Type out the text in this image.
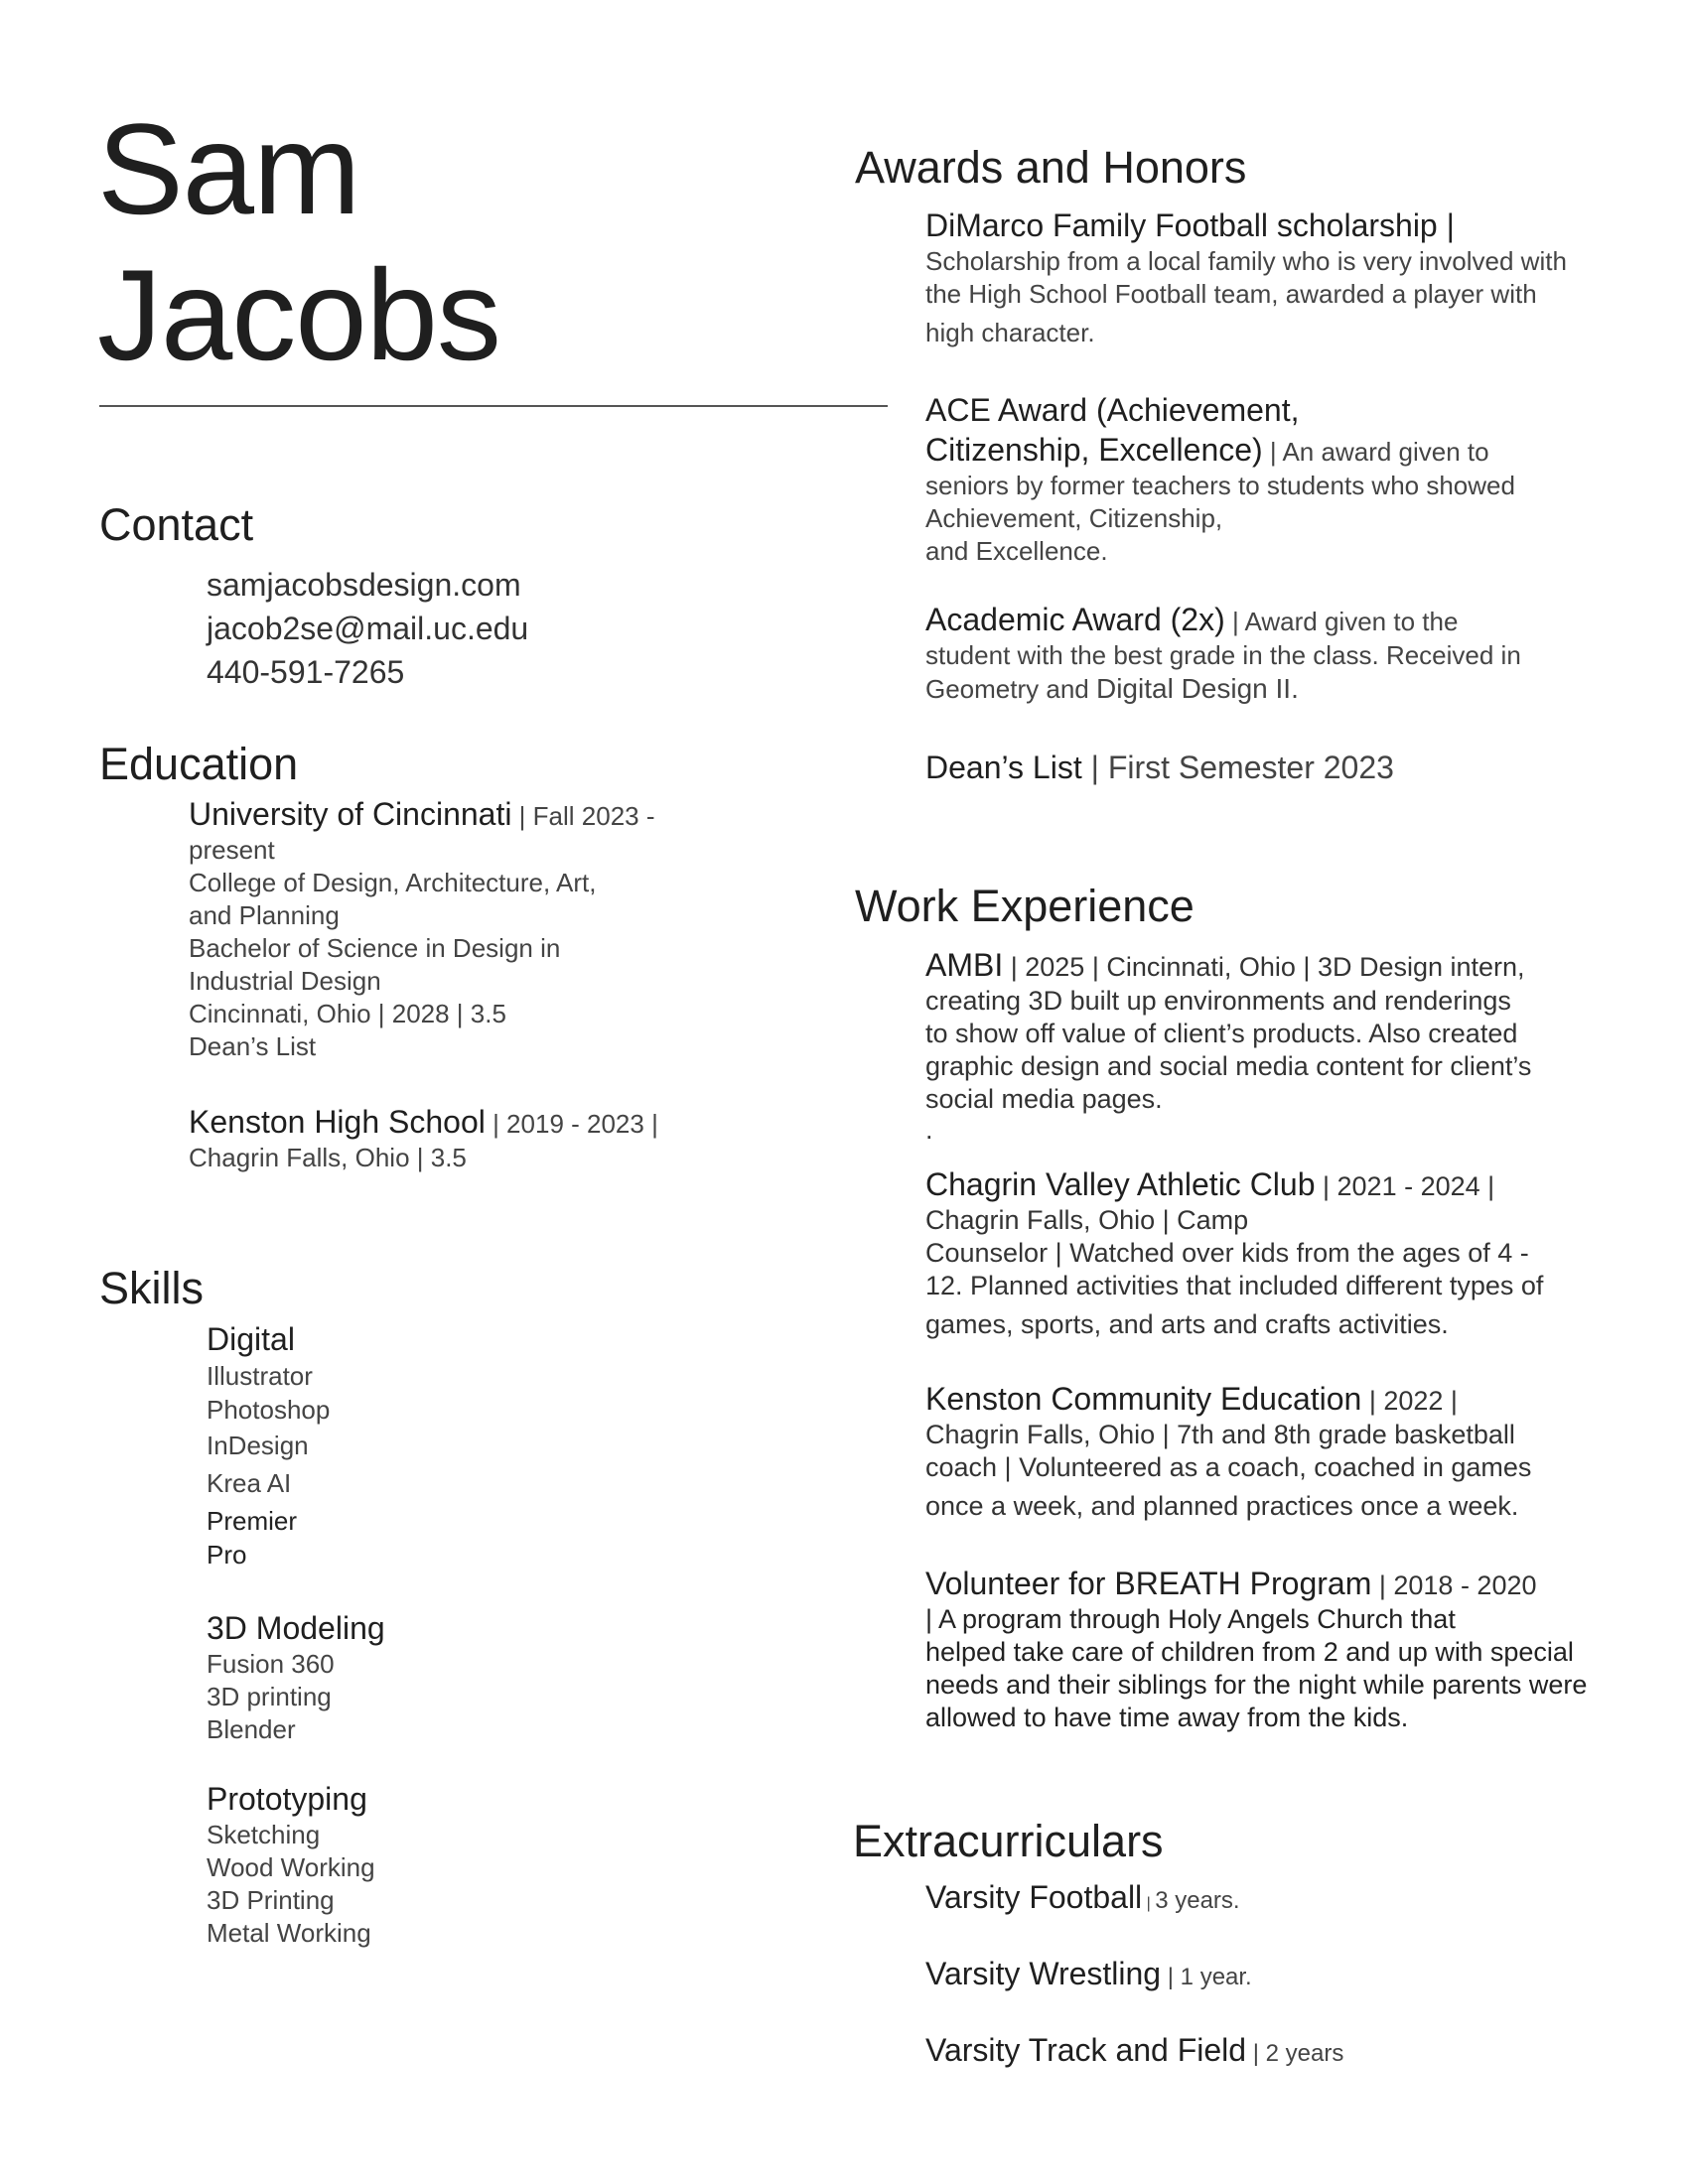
Sam
Jacobs
Contact
samjacobsdesign.com
jacob2se@mail.uc.edu
440-591-7265
Education
University of Cincinnati | Fall 2023 -
present
College of Design, Architecture, Art,
and Planning
Bachelor of Science in Design in
Industrial Design
Cincinnati, Ohio | 2028 | 3.5
Dean’s List
Kenston High School | 2019 - 2023 |
Chagrin Falls, Ohio | 3.5
Skills
Digital
Illustrator
Photoshop
InDesign
Krea AI
Premier
Pro
3D Modeling
Fusion 360
3D printing
Blender
Prototyping
Sketching
Wood Working
3D Printing
Metal Working
Awards and Honors
DiMarco Family Football scholarship |
Scholarship from a local family who is very involved with
the High School Football team, awarded a player with
high character.
ACE Award (Achievement,
Citizenship, Excellence) | An award given to
seniors by former teachers to students who showed
Achievement, Citizenship,
and Excellence.
Academic Award (2x) | Award given to the
student with the best grade in the class. Received in
Geometry and Digital Design II.
Dean’s List | First Semester 2023
Work Experience
AMBI | 2025 | Cincinnati, Ohio | 3D Design intern,
creating 3D built up environments and renderings
to show off value of client’s products. Also created
graphic design and social media content for client’s
social media pages.
.
Chagrin Valley Athletic Club | 2021 - 2024 |
Chagrin Falls, Ohio | Camp
Counselor | Watched over kids from the ages of 4 -
12. Planned activities that included different types of
games, sports, and arts and crafts activities.
Kenston Community Education | 2022 |
Chagrin Falls, Ohio | 7th and 8th grade basketball
coach | Volunteered as a coach, coached in games
once a week, and planned practices once a week.
Volunteer for BREATH Program | 2018 - 2020
| A program through Holy Angels Church that
helped take care of children from 2 and up with special
needs and their siblings for the night while parents were
allowed to have time away from the kids.
Extracurriculars
Varsity Football | 3 years.
Varsity Wrestling | 1 year.
Varsity Track and Field | 2 years
